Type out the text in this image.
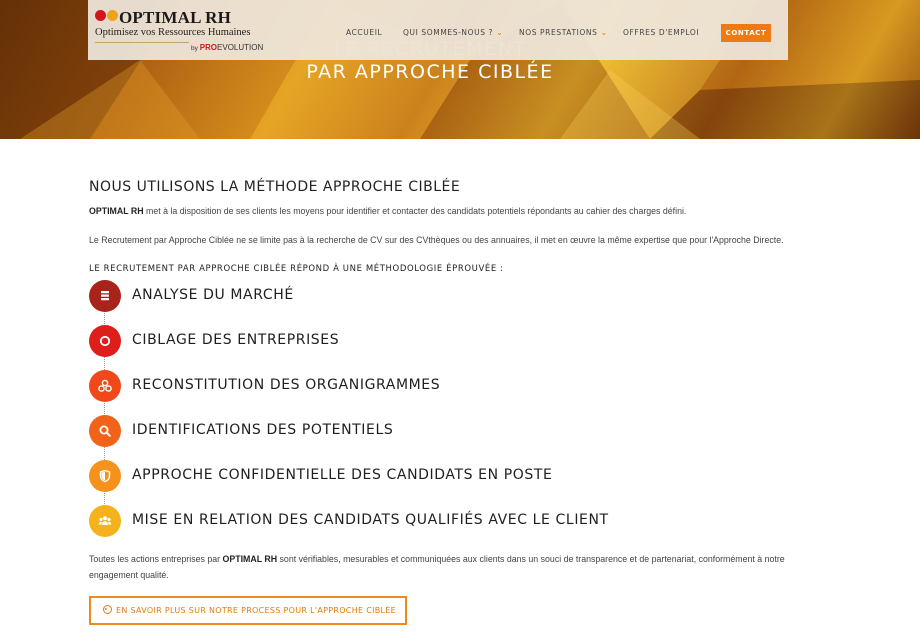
PAR APPROCHE CIBLÉE
OPTIMAL RH
Optimisez vos Ressources Humaines
by PROEVOLUTION
ACCUEIL	QUI SOMMES-NOUS ? ⌄ NOS PRESTATIONS ⌄ OFFRES D'EMPLOI	CONTACT
NOUS UTILISONS LA MÉTHODE APPROCHE CIBLÉE
OPTIMAL RH met à la disposition de ses clients les moyens pour identifier et contacter des candidats potentiels répondants au cahier des charges défini.
Le Recrutement par Approche Ciblée ne se limite pas à la recherche de CV sur des CVthèques ou des annuaires, il met en œuvre la même expertise que pour l'Approche Directe.
LE RECRUTEMENT PAR APPROCHE CIBLÉE RÉPOND À UNE MÉTHODOLOGIE ÉPROUVÉE :
ANALYSE DU MARCHÉ
CIBLAGE DES ENTREPRISES
RECONSTITUTION DES ORGANIGRAMMES
IDENTIFICATIONS DES POTENTIELS
APPROCHE CONFIDENTIELLE DES CANDIDATS EN POSTE
MISE EN RELATION DES CANDIDATS QUALIFIÉS AVEC LE CLIENT
Toutes les actions entreprises par OPTIMAL RH sont vérifiables, mesurables et communiquées aux clients dans un souci de transparence et de partenariat, conformément à notre engagement qualité.
EN SAVOIR PLUS SUR NOTRE PROCESS POUR L'APPROCHE CIBLÉE
